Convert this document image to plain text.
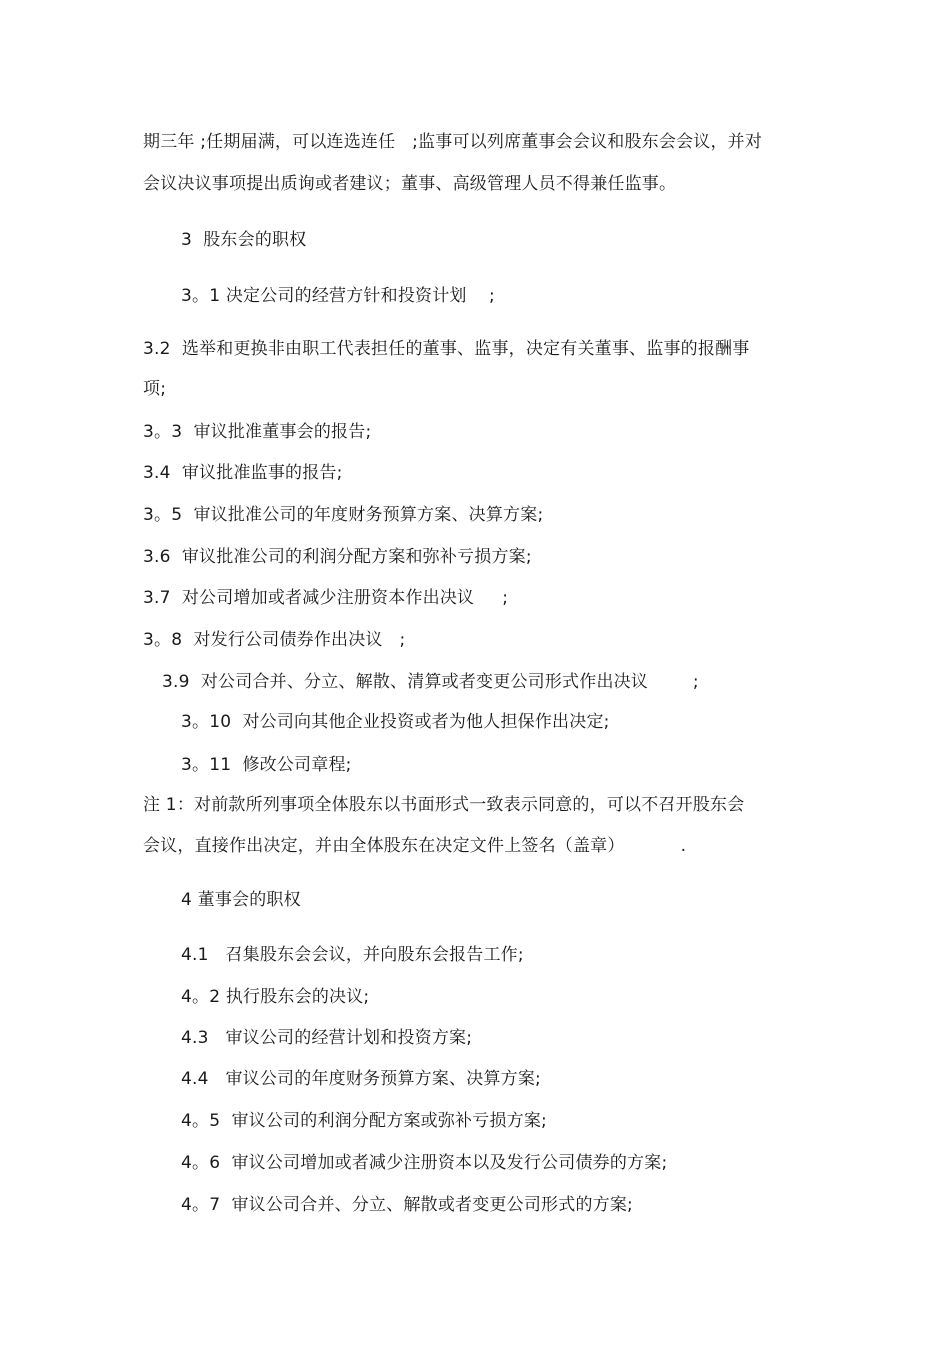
期三年 ;任期届满，可以连选连任   ;监事可以列席董事会会议和股东会会议，并对
会议决议事项提出质询或者建议；董事、高级管理人员不得兼任监事。
3  股东会的职权
3。1 决定公司的经营方针和投资计划    ;
3.2  选举和更换非由职工代表担任的董事、监事，决定有关董事、监事的报酬事
项;
3。3  审议批准董事会的报告;
3.4  审议批准监事的报告;
3。5  审议批准公司的年度财务预算方案、决算方案;
3.6  审议批准公司的利润分配方案和弥补亏损方案;
3.7  对公司增加或者减少注册资本作出决议     ;
3。8  对发行公司债券作出决议   ;
3.9  对公司合并、分立、解散、清算或者变更公司形式作出决议        ;
3。10  对公司向其他企业投资或者为他人担保作出决定;
3。11  修改公司章程;
注 1：对前款所列事项全体股东以书面形式一致表示同意的，可以不召开股东会
会议，直接作出决定，并由全体股东在决定文件上签名（盖章）          .
4 董事会的职权
4.1   召集股东会会议，并向股东会报告工作;
4。2 执行股东会的决议;
4.3   审议公司的经营计划和投资方案;
4.4   审议公司的年度财务预算方案、决算方案;
4。5  审议公司的利润分配方案或弥补亏损方案;
4。6  审议公司增加或者减少注册资本以及发行公司债券的方案;
4。7  审议公司合并、分立、解散或者变更公司形式的方案;
